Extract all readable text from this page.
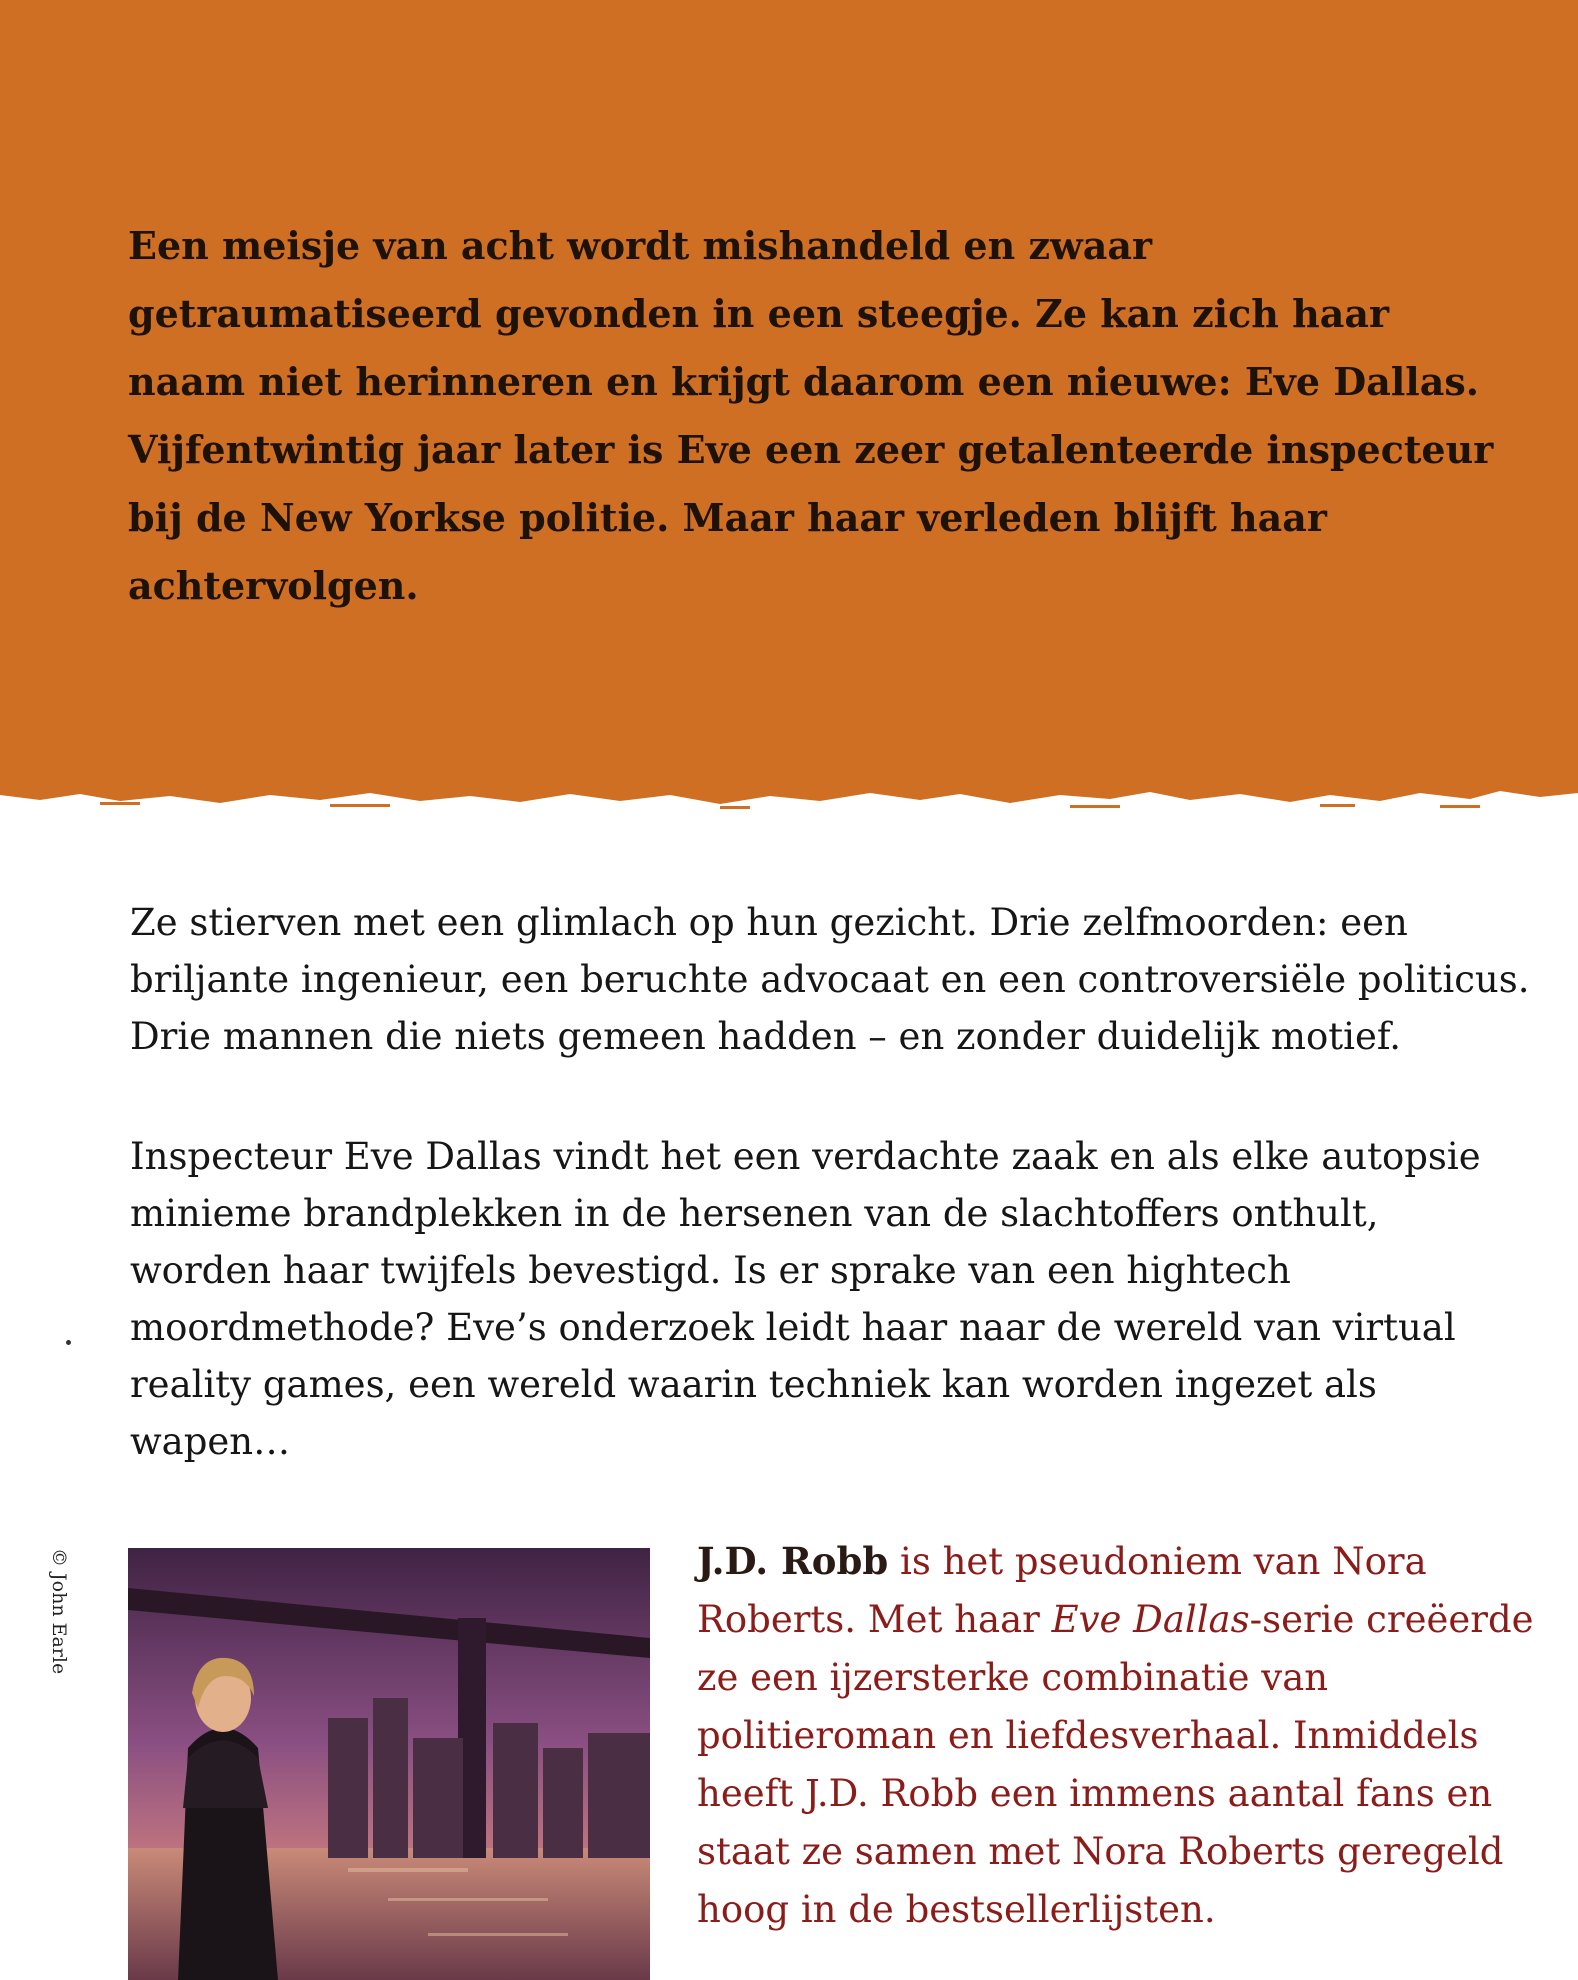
Een meisje van acht wordt mishandeld en zwaar getraumatiseerd gevonden in een steegje. Ze kan zich haar naam niet herinneren en krijgt daarom een nieuwe: Eve Dallas. Vijfentwintig jaar later is Eve een zeer getalenteerde inspecteur bij de New Yorkse politie. Maar haar verleden blijft haar achtervolgen.

Ze stierven met een glimlach op hun gezicht. Drie zelfmoorden: een briljante ingenieur, een beruchte advocaat en een controversiële politicus. Drie mannen die niets gemeen hadden – en zonder duidelijk motief.

Inspecteur Eve Dallas vindt het een verdachte zaak en als elke autopsie minieme brandplekken in de hersenen van de slachtoffers onthult, worden haar twijfels bevestigd. Is er sprake van een hightech moordmethode? Eve’s onderzoek leidt haar naar de wereld van virtual reality games, een wereld waarin techniek kan worden ingezet als wapen…

© John Earle	J.D. Robb is het pseudoniem van Nora Roberts. Met haar Eve Dallas-serie creëerde ze een ijzersterke combinatie van politieroman en liefdesverhaal. Inmiddels heeft J.D. Robb een immens aantal fans en staat ze samen met Nora Roberts geregeld hoog in de bestsellerlijsten.
